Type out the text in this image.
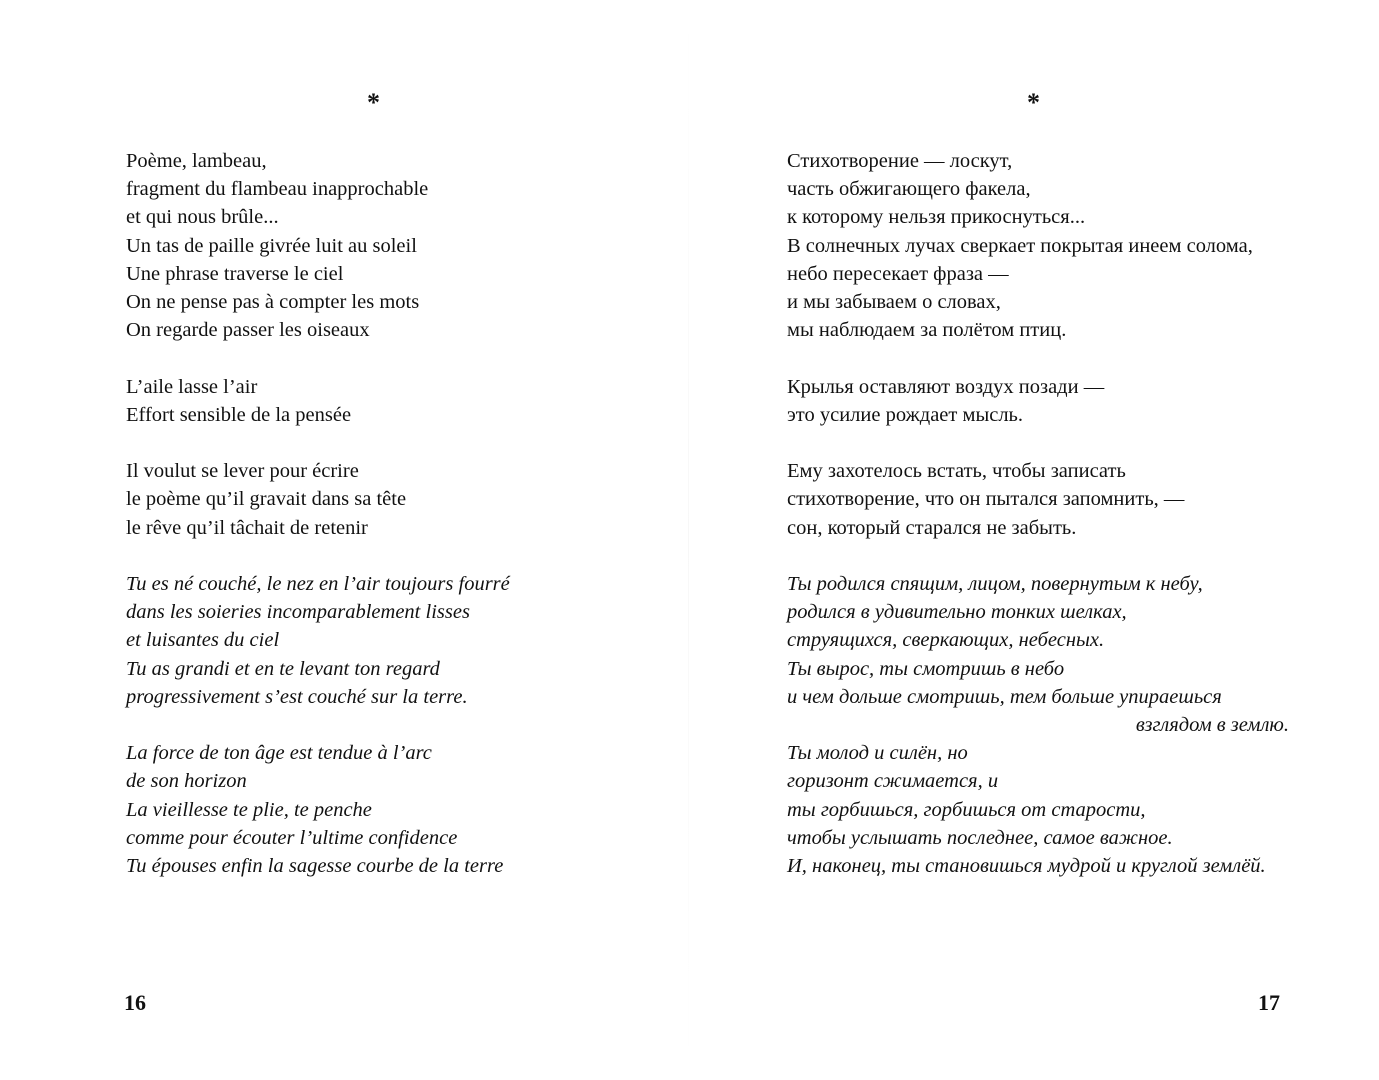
*
Poème, lambeau,
fragment du flambeau inapprochable
et qui nous brûle...
Un tas de paille givrée luit au soleil
Une phrase traverse le ciel
On ne pense pas à compter les mots
On regarde passer les oiseaux
L’aile lasse l’air
Effort sensible de la pensée
Il voulut se lever pour écrire
le poème qu’il gravait dans sa tête
le rêve qu’il tâchait de retenir
Tu es né couché, le nez en l’air toujours fourré
dans les soieries incomparablement lisses
et luisantes du ciel
Tu as grandi et en te levant ton regard
progressivement s’est couché sur la terre.
La force de ton âge est tendue à l’arc
de son horizon
La vieillesse te plie, te penche
comme pour écouter l’ultime confidence
Tu épouses enfin la sagesse courbe de la terre
16
*
Стихотворение — лоскут,
часть обжигающего факела,
к которому нельзя прикоснуться...
В солнечных лучах сверкает покрытая инеем солома,
небо пересекает фраза —
и мы забываем о словах,
мы наблюдаем за полётом птиц.
Крылья оставляют воздух позади —
это усилие рождает мысль.
Ему захотелось встать, чтобы записать
стихотворение, что он пытался запомнить, —
сон, который старался не забыть.
Ты родился спящим, лицом, повернутым к небу,
родился в удивительно тонких шелках,
струящихся, сверкающих, небесных.
Ты вырос, ты смотришь в небо
и чем дольше смотришь, тем больше упираешься
взглядом в землю.
Ты молод и силён, но
горизонт сжимается, и
ты горбишься, горбишься от старости,
чтобы услышать последнее, самое важное.
И, наконец, ты становишься мудрой и круглой землёй.
17
